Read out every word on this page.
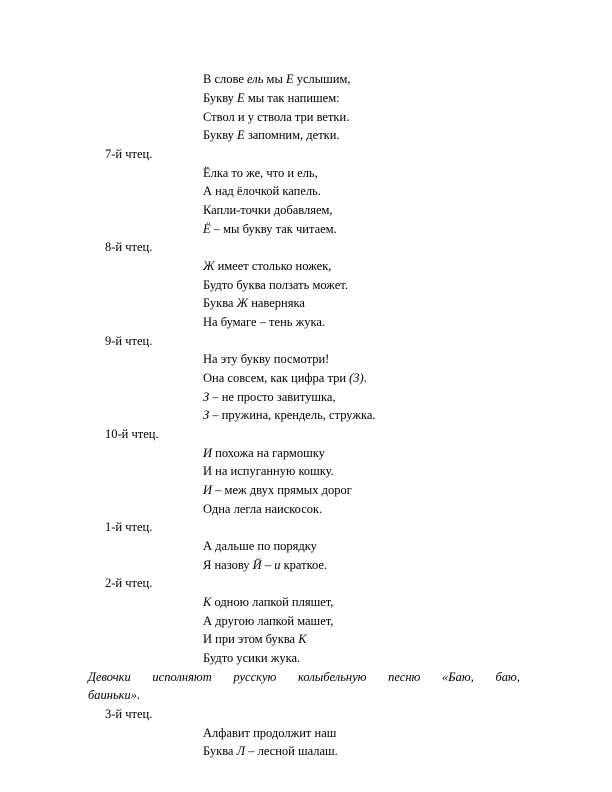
В слове ель мы Е услышим,
Букву Е мы так напишем:
Ствол и у ствола три ветки.
Букву Е запомним, детки.
7-й чтец.
Ёлка то же, что и ель,
А над ёлочкой капель.
Капли-точки добавляем,
Ё – мы букву так читаем.
8-й чтец.
Ж имеет столько ножек,
Будто буква ползать может.
Буква Ж наверняка
На бумаге – тень жука.
9-й чтец.
На эту букву посмотри!
Она совсем, как цифра три (3).
З – не просто завитушка,
З – пружина, крендель, стружка.
10-й чтец.
И похожа на гармошку
И на испуганную кошку.
И – меж двух прямых дорог
Одна легла наискосок.
1-й чтец.
А дальше по порядку
Я назову Й – и краткое.
2-й чтец.
К одною лапкой пляшет,
А другою лапкой машет,
И при этом буква К
Будто усики жука.
Девочки исполняют русскую колыбельную песню «Баю, баю,
баиньки».
3-й чтец.
Алфавит продолжит наш
Буква Л – лесной шалаш.
